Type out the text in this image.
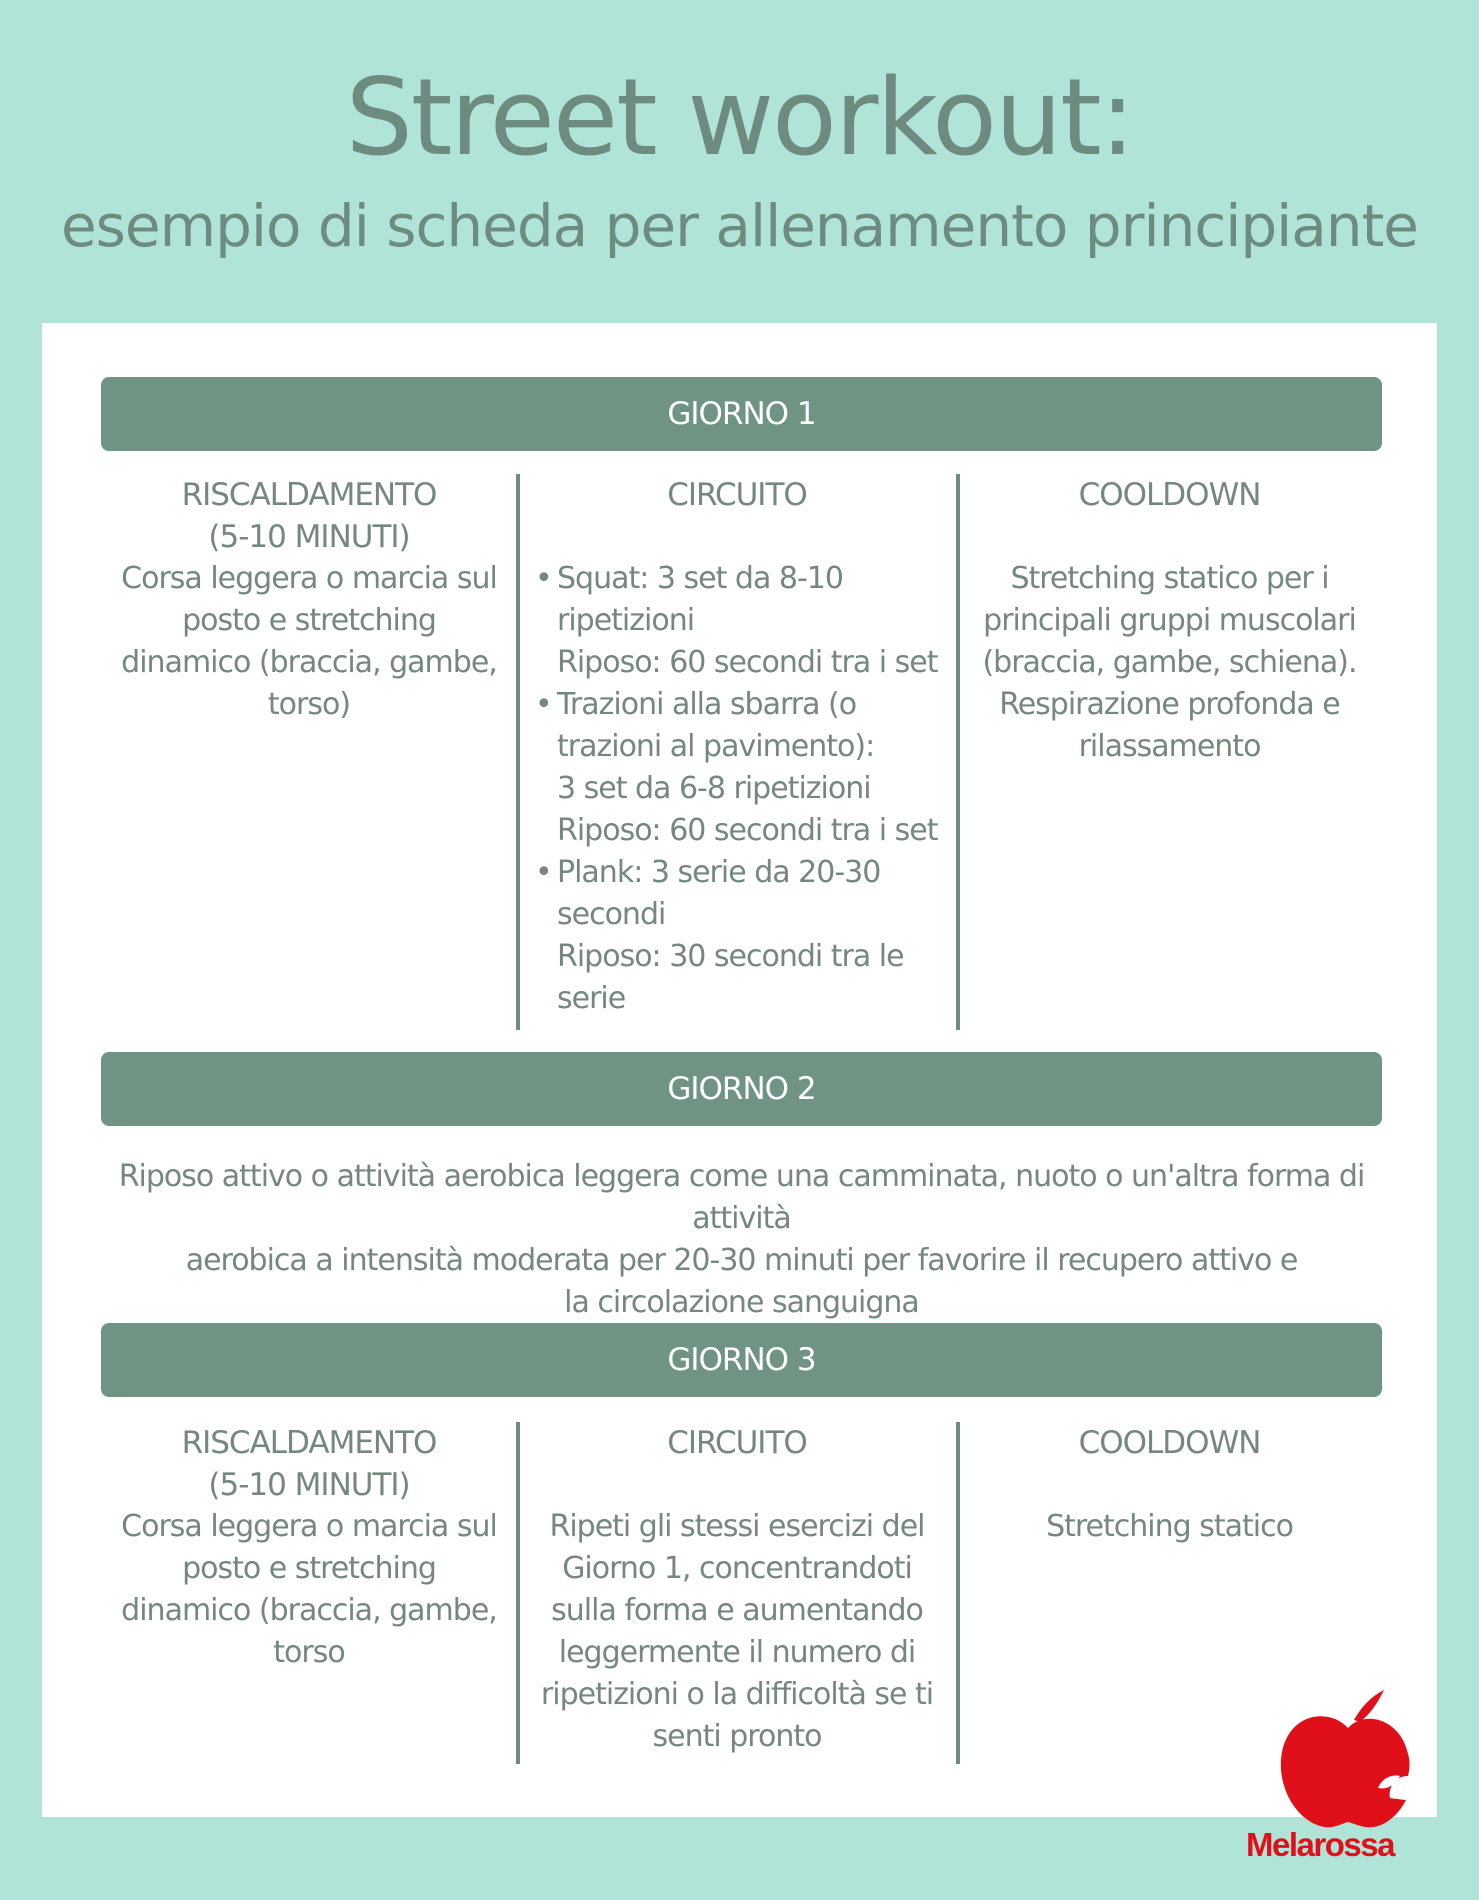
Street workout:
esempio di scheda per allenamento principiante
GIORNO 1

RISCALDAMENTO

(5-10 MINUTI)

Corsa leggera o marcia sul posto e stretching dinamico (braccia, gambe, torso)

CIRCUITO

• Squat: 3 set da 8-10
ripetizioni
Riposo: 60 secondi tra i set
• Trazioni alla sbarra (o
trazioni al pavimento):
3 set da 6-8 ripetizioni
Riposo: 60 secondi tra i set
• Plank: 3 serie da 20-30
secondi
Riposo: 30 secondi tra le
serie

COOLDOWN

Stretching statico per i principali gruppi muscolari (braccia, gambe, schiena). Respirazione profonda e rilassamento

GIORNO 2
Riposo attivo o attività aerobica leggera come una camminata, nuoto o un'altra forma di attività
aerobica a intensità moderata per 20-30 minuti per favorire il recupero attivo e
la circolazione sanguigna
GIORNO 3

RISCALDAMENTO

(5-10 MINUTI)

Corsa leggera o marcia sul posto e stretching dinamico (braccia, gambe, torso

CIRCUITO

Ripeti gli stessi esercizi del Giorno 1, concentrandoti sulla forma e aumentando leggermente il numero di ripetizioni o la difficoltà se ti senti pronto

COOLDOWN

Stretching statico

Melarossa
